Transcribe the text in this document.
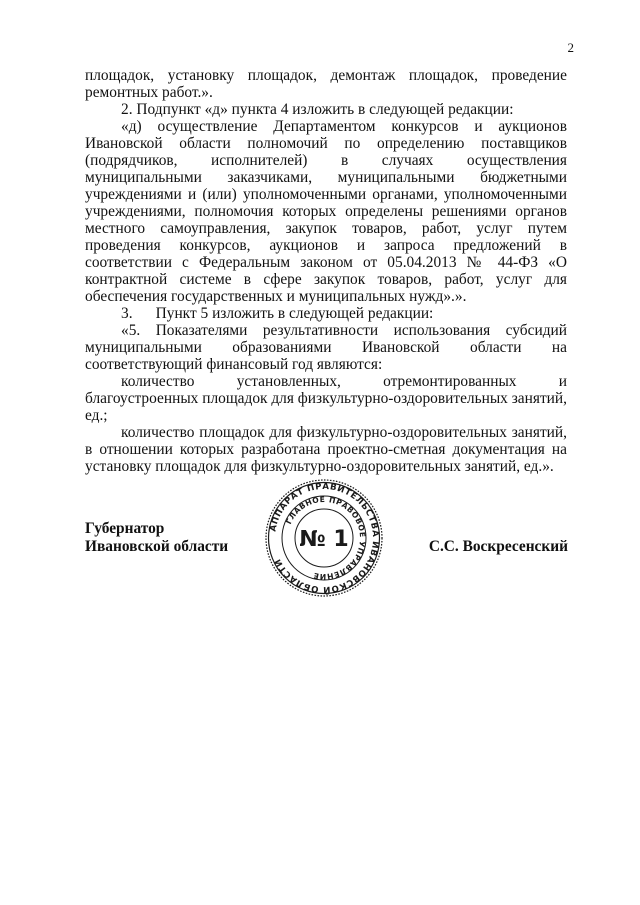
2

площадок, установку площадок, демонтаж площадок, проведение ремонтных работ.».

2. Подпункт «д» пункта 4 изложить в следующей редакции:

«д) осуществление Департаментом конкурсов и аукционов Ивановской области полномочий по определению поставщиков (подрядчиков, исполнителей) в случаях осуществления муниципальными заказчиками, муниципальными бюджетными учреждениями и (или) уполномоченными органами, уполномоченными учреждениями, полномочия которых определены решениями органов местного самоуправления, закупок товаров, работ, услуг путем проведения конкурсов, аукционов и запроса предложений в соответствии с Федеральным законом от 05.04.2013 № 44-ФЗ «О контрактной системе в сфере закупок товаров, работ, услуг для обеспечения государственных и муниципальных нужд».».

3.      Пункт 5 изложить в следующей редакции:

«5. Показателями результативности использования субсидий муниципальными образованиями Ивановской области на соответствующий финансовый год являются:

количество установленных, отремонтированных и благоустроенных площадок для физкультурно-оздоровительных занятий, ед.;

количество площадок для физкультурно-оздоровительных занятий, в отношении которых разработана проектно-сметная документация на установку площадок для физкультурно-оздоровительных занятий, ед.».

Губернатор
Ивановской области
АППАРАТ ПРАВИТЕЛЬСТВА ИВАНОВСКОЙ ОБЛАСТИ
ГЛАВНОЕ ПРАВОВОЕ УПРАВЛЕНИЕ
№ 1	С.С. Воскресенский
